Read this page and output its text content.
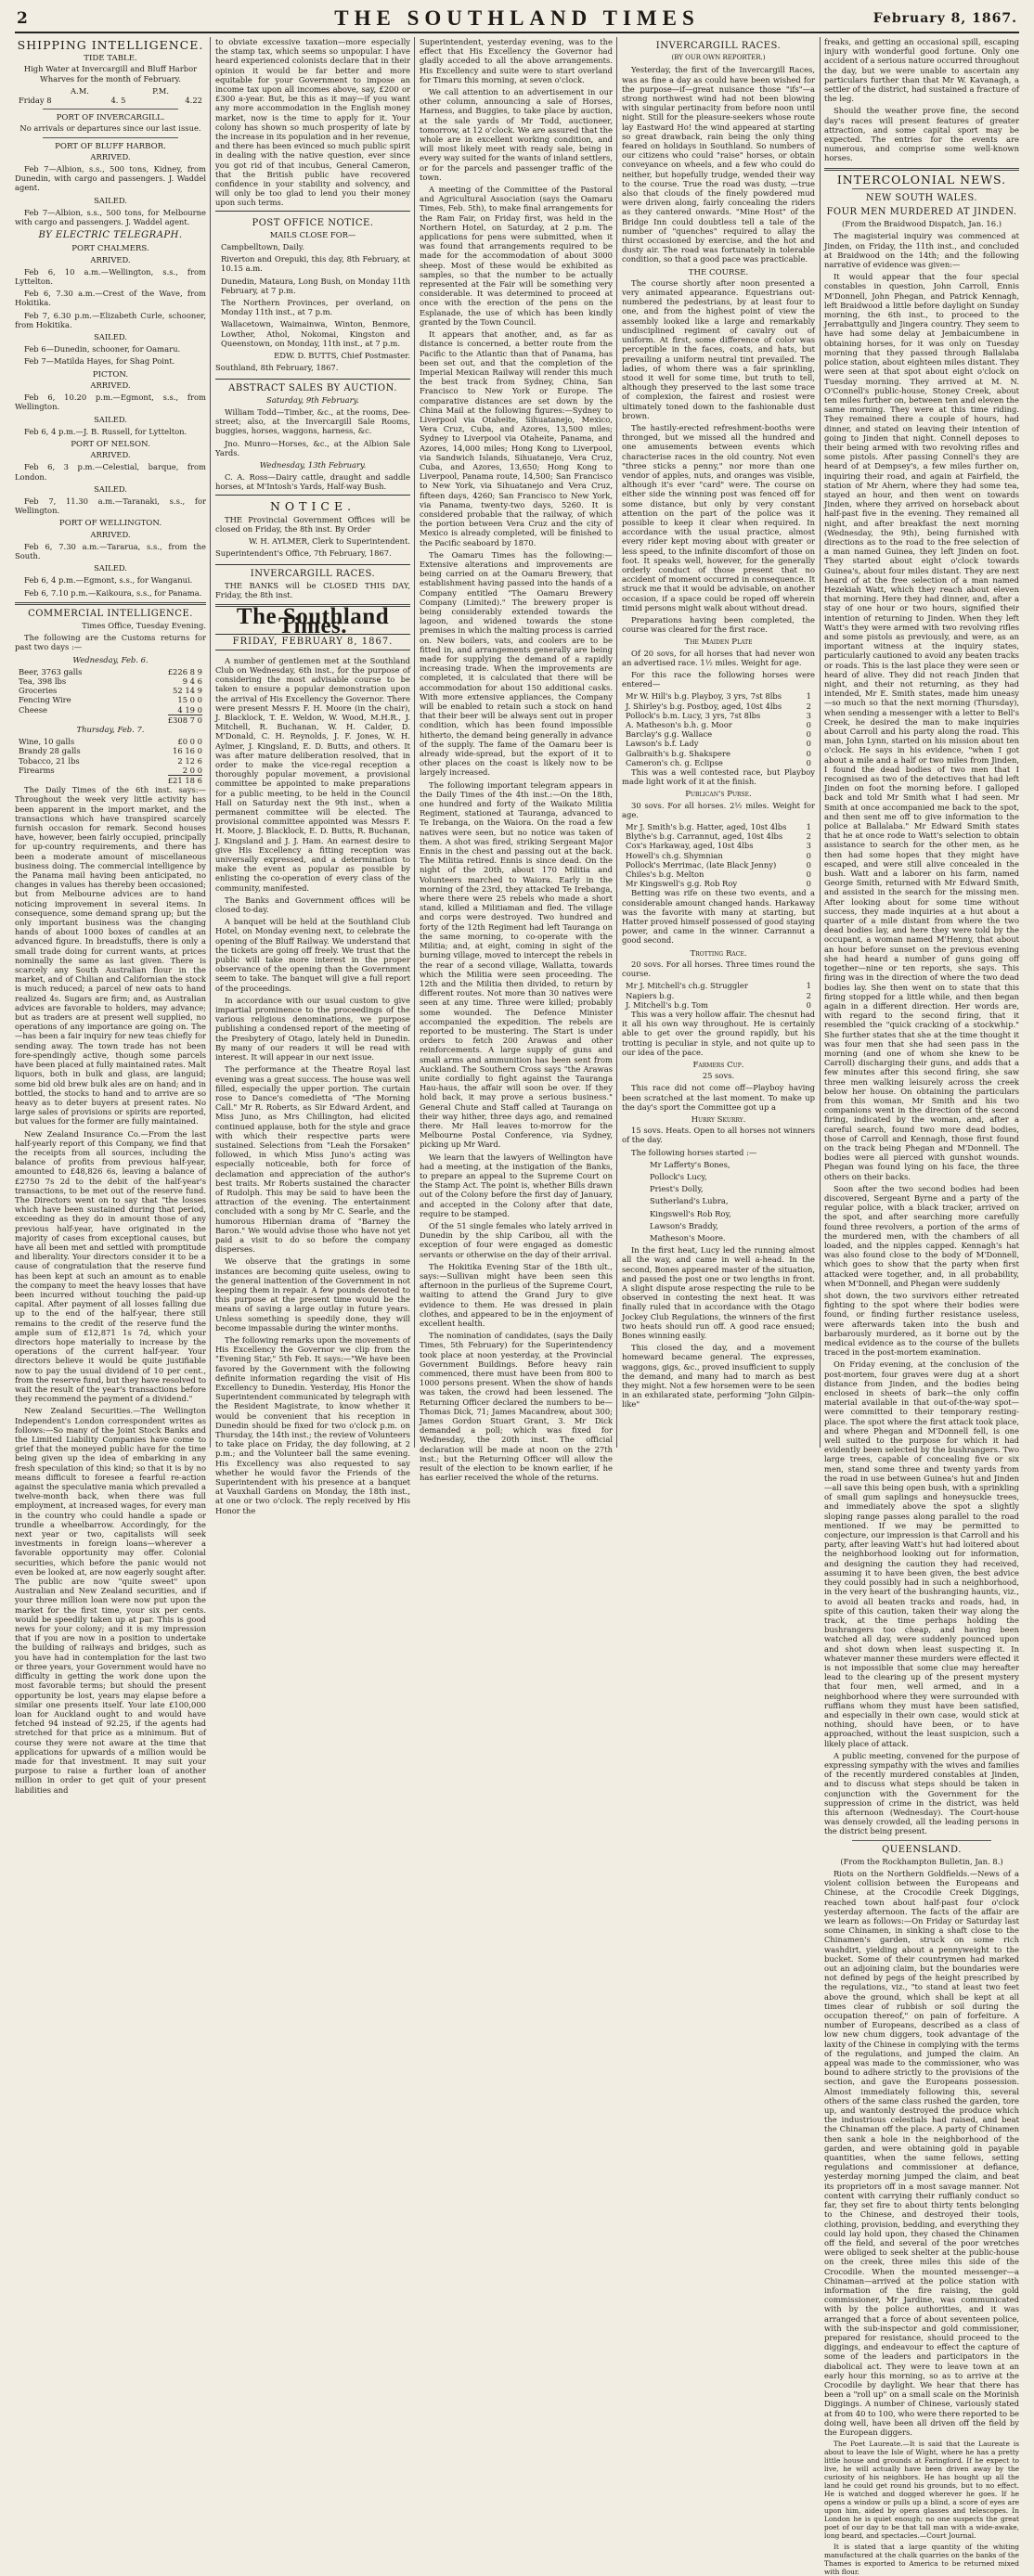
2	THE SOUTHLAND TIMES	February 8, 1867.
SHIPPING INTELLIGENCE.
TIDE TABLE.

High Water at Invercargill and Bluff Harbor Wharves for the month of February.

A.M.	P.M.
Friday 8	4. 5	4.22
PORT OF INVERCARGILL.

No arrivals or departures since our last issue.

PORT OF BLUFF HARBOR.

ARRIVED.

Feb 7—Albion, s.s., 500 tons, Kidney, from Dunedin, with cargo and passengers. J. Waddel agent.

SAILED.

Feb 7—Albion, s.s., 500 tons, for Melbourne with cargo and passengers. J. Waddel agent.

BY ELECTRIC TELEGRAPH.
PORT CHALMERS.

ARRIVED.

Feb 6, 10 a.m.—Wellington, s.s., from Lyttelton.

Feb 6, 7.30 a.m.—Crest of the Wave, from Hokitika.

Feb 7, 6.30 p.m.—Elizabeth Curle, schooner, from Hokitika.

SAILED.

Feb 6—Dunedin, schooner, for Oamaru.

Feb 7—Matilda Hayes, for Shag Point.

PICTON.

ARRIVED.

Feb 6, 10.20 p.m.—Egmont, s.s., from Wellington.

SAILED.

Feb 6, 4 p.m.—J. B. Russell, for Lyttelton.

PORT OF NELSON.

ARRIVED.

Feb 6, 3 p.m.—Celestial, barque, from London.

SAILED.

Feb 7, 11.30 a.m.—Taranaki, s.s., for Wellington.

PORT OF WELLINGTON.

ARRIVED.

Feb 6, 7.30 a.m.—Tararua, s.s., from the South.

SAILED.

Feb 6, 4 p.m.—Egmont, s.s., for Wanganui.

Feb 6, 7.10 p.m.—Kaikoura, s.s., for Panama.

COMMERCIAL INTELLIGENCE.

Times Office, Tuesday Evening.

The following are the Customs returns for past two days :—

Wednesday, Feb. 6.

Beer, 3763 galls	£226 8 9
Tea, 398 lbs	9 4 6
Groceries	52 14 9
Fencing Wire	15 0 0
Cheese	4 19 0
£308 7 0

Thursday, Feb. 7.

Wine, 10 galls	£0 0 0
Brandy 28 galls	16 16 0
Tobacco, 21 lbs	2 12 6
Firearms	2 0 0
£21 18 6

The Daily Times of the 6th inst. says:—Throughout the week very little activity has been apparent in the import market, and the transactions which have transpired scarcely furnish occasion for remark. Second houses have, however, been fairly occupied, principally for up-country requirements, and there has been a moderate amount of miscellaneous business doing. The commercial intelligence by the Panama mail having been anticipated, no changes in values has thereby been occasioned; but from Melbourne advices are to hand noticing improvement in several items. In consequence, some demand sprang up; but the only important business was the changing hands of about 1000 boxes of candles at an advanced figure. In breadstuffs, there is only a small trade doing for current wants, at prices nominally the same as last given. There is scarcely any South Australian flour in the market, and of Chilian and Californian the stock is much reduced; a parcel of new oats to hand realized 4s. Sugars are firm; and, as Australian advices are favorable to holders, may advance; but as traders are at present well supplied, no operations of any importance are going on. The—has been a fair inquiry for new teas chiefly for sending away. The town trade has not been fore-spendingly active, though some parcels have been placed at fully maintained rates. Malt liquors, both in bulk and glass, are languid; some bid old brew bulk ales are on hand; and in bottled, the stocks to hand and to arrive are so heavy as to deter buyers at present rates. No large sales of provisions or spirits are reported, but values for the former are fully maintained.

New Zealand Insurance Co.—From the last half-yearly report of this Company, we find that the receipts from all sources, including the balance of profits from previous half-year, amounted to £48,826 6s, leaving a balance of £2750 7s 2d to the debit of the half-year's transactions, to be met out of the reserve fund. The Directors went on to say that "the losses which have been sustained during that period, exceeding as they do in amount those of any previous half-year, have originated in the majority of cases from exceptional causes, but have all been met and settled with promptitude and liberality. Your directors consider it to be a cause of congratulation that the reserve fund has been kept at such an amount as to enable the company to meet the heavy losses that have been incurred without touching the paid-up capital. After payment of all losses falling due up to the end of the half-year, there still remains to the credit of the reserve fund the ample sum of £12,871 1s 7d, which your directors hope materially to increase by the operations of the current half-year. Your directors believe it would be quite justifiable now to pay the usual dividend of 10 per cent., from the reserve fund, but they have resolved to wait the result of the year's transactions before they recommend the payment of a dividend."

New Zealand Securities.—The Wellington Independent's London correspondent writes as follows:—So many of the Joint Stock Banks and the Limited Liability Companies have come to grief that the moneyed public have for the time being given up the idea of embarking in any fresh speculation of this kind; so that it is by no means difficult to foresee a fearful re-action against the speculative mania which prevailed a twelve-month back, when there was full employment, at increased wages, for every man in the country who could handle a spade or trundle a wheelbarrow. Accordingly, for the next year or two, capitalists will seek investments in foreign loans—wherever a favorable opportunity may offer. Colonial securities, which before the panic would not even be looked at, are now eagerly sought after. The public are now "quite sweet" upon Australian and New Zealand securities, and if your three million loan were now put upon the market for the first time, your six per cents. would be speedily taken up at par. This is good news for your colony; and it is my impression that if you are now in a position to undertake the building of railways and bridges, such as you have had in contemplation for the last two or three years, your Government would have no difficulty in getting the work done upon the most favorable terms; but should the present opportunity be lost, years may elapse before a similar one presents itself. Your late £100,000 loan for Auckland ought to and would have fetched 94 instead of 92.25, if the agents had stretched for that price as a minimum. But of course they were not aware at the time that applications for upwards of a million would be made for that investment. It may suit your purpose to raise a further loan of another million in order to get quit of your present liabilities and

to obviate excessive taxation—more especially the stamp tax, which seems so unpopular. I have heard experienced colonists declare that in their opinion it would be far better and more equitable for your Government to impose an income tax upon all incomes above, say, £200 or £300 a-year. But, be this as it may—if you want any more accommodation in the English money market, now is the time to apply for it. Your colony has shown so much prosperity of late by the increase in its population and in her revenue, and there has been evinced so much public spirit in dealing with the native question, ever since you got rid of that incubus, General Cameron, that the British public have recovered confidence in your stability and solvency, and will only be too glad to lend you their money upon such terms.

POST OFFICE NOTICE.

MAILS CLOSE FOR—

Campbelltown, Daily.

Riverton and Orepuki, this day, 8th February, at 10.15 a.m.

Dunedin, Mataura, Long Bush, on Monday 11th February, at 7 p.m.

The Northern Provinces, per overland, on Monday 11th inst., at 7 p.m.

Wallacetown, Waimainwa, Winton, Benmore, Lowther, Athol, Nokomai, Kingston and Queenstown, on Monday, 11th inst., at 7 p.m.

EDW. D. BUTTS, Chief Postmaster.

Southland, 8th February, 1867.

ABSTRACT SALES BY AUCTION.

Saturday, 9th February.

William Todd—Timber, &c., at the rooms, Dee-street; also, at the Invercargill Sale Rooms, buggies, horses, waggons, harness, &c.

Jno. Munro—Horses, &c., at the Albion Sale Yards.

Wednesday, 13th February.

C. A. Ross—Dairy cattle, draught and saddle horses, at M'Intosh's Yards, Half-way Bush.

NOTICE.

THE Provincial Government Offices will be closed on Friday, the 8th inst. By Order

W. H. AYLMER, Clerk to Superintendent.

Superintendent's Office, 7th February, 1867.

INVERCARGILL RACES.

THE BANKS will be CLOSED THIS DAY, Friday, the 8th inst.

The Southland Times.
FRIDAY, FEBRUARY 8, 1867.

A number of gentlemen met at the Southland Club on Wednesday, 6th inst., for the purpose of considering the most advisable course to be taken to ensure a popular demonstration upon the arrival of His Excellency the Governor. There were present Messrs F. H. Moore (in the chair), J. Blacklock, T. E. Weldon, W. Wood, M.H.R., J. Mitchell, R. Buchanan, W. H. Calder, D. M'Donald, C. H. Reynolds, J. F. Jones, W. H. Aylmer, J. Kingsland, E. D. Butts, and others. It was after mature deliberation resolved, that in order to make the vice-regal reception a thoroughly popular movement, a provisional committee be appointed to make preparations for a public meeting, to be held in the Council Hall on Saturday next the 9th inst., when a permanent committee will be elected. The provisional committee appointed was Messrs F. H. Moore, J. Blacklock, E. D. Butts, R. Buchanan, J. Kingsland and J. J. Ham. An earnest desire to give His Excellency a fitting reception was universally expressed, and a determination to make the event as popular as possible by enlisting the co-operation of every class of the community, manifested.

The Banks and Government offices will be closed to-day.

A banquet will be held at the Southland Club Hotel, on Monday evening next, to celebrate the opening of the Bluff Railway. We understand that the tickets are going off freely. We trust that the public will take more interest in the proper observance of the opening than the Government seem to take. The banquet will give a full report of the proceedings.

In accordance with our usual custom to give impartial prominence to the proceedings of the various religious denominations, we purpose publishing a condensed report of the meeting of the Presbytery of Otago, lately held in Dunedin. By many of our readers it will be read with interest. It will appear in our next issue.

The performance at the Theatre Royal last evening was a great success. The house was well filled, especially the upper portion. The curtain rose to Dance's comedietta of "The Morning Call." Mr R. Roberts, as Sir Edward Ardent, and Miss Juno, as Mrs Chillington, had elicited continued applause, both for the style and grace with which their respective parts were sustained. Selections from "Leah the Forsaken" followed, in which Miss Juno's acting was especially noticeable, both for force of declamation and appreciation of the author's best traits. Mr Roberts sustained the character of Rudolph. This may be said to have been the attraction of the evening. The entertainment concluded with a song by Mr C. Searle, and the humorous Hibernian drama of "Barney the Baron." We would advise those who have not yet paid a visit to do so before the company disperses.

We observe that the gratings in some instances are becoming quite useless, owing to the general inattention of the Government in not keeping them in repair. A few pounds devoted to this purpose at the present time would be the means of saving a large outlay in future years. Unless something is speedily done, they will become impassable during the winter months.

The following remarks upon the movements of His Excellency the Governor we clip from the "Evening Star," 5th Feb. It says:—"We have been favored by the Government with the following definite information regarding the visit of His Excellency to Dunedin. Yesterday, His Honor the Superintendent communicated by telegraph with the Resident Magistrate, to know whether it would be convenient that his reception in Dunedin should be fixed for two o'clock p.m. on Thursday, the 14th inst.; the review of Volunteers to take place on Friday, the day following, at 2 p.m.; and the Volunteer ball the same evening. His Excellency was also requested to say whether he would favor the Friends of the Superintendent with his presence at a banquet at Vauxhall Gardens on Monday, the 18th inst., at one or two o'clock. The reply received by His Honor the

Superintendent, yesterday evening, was to the effect that His Excellency the Governor had gladly acceded to all the above arrangements. His Excellency and suite were to start overland for Timaru this morning, at seven o'clock.

We call attention to an advertisement in our other column, announcing a sale of Horses, Harness, and Buggies, to take place by auction, at the sale yards of Mr Todd, auctioneer, tomorrow, at 12 o'clock. We are assured that the whole are in excellent working condition, and will most likely meet with ready sale, being in every way suited for the wants of inland settlers, or for the parcels and passenger traffic of the town.

A meeting of the Committee of the Pastoral and Agricultural Association (says the Oamaru Times, Feb. 5th), to make final arrangements for the Ram Fair, on Friday first, was held in the Northern Hotel, on Saturday, at 2 p.m. The applications for pens were submitted, when it was found that arrangements required to be made for the accommodation of about 3000 sheep. Most of these would be exhibited as samples, so that the number to be actually represented at the Fair will be something very considerable. It was determined to proceed at once with the erection of the pens on the Esplanade, the use of which has been kindly granted by the Town Council.

It appears that another, and, as far as distance is concerned, a better route from the Pacific to the Atlantic than that of Panama, has been set out, and that the completion of the Imperial Mexican Railway will render this much the best track from Sydney, China, San Francisco to New York or Europe. The comparative distances are set down by the China Mail at the following figures:—Sydney to Liverpool via Otaheite, Sihuatanejo, Mexico, Vera Cruz, Cuba, and Azores, 13,500 miles; Sydney to Liverpool via Otaheite, Panama, and Azores, 14,000 miles; Hong Kong to Liverpool, via Sandwich Islands, Sihuatanejo, Vera Cruz, Cuba, and Azores, 13,650; Hong Kong to Liverpool, Panama route, 14,500; San Francisco to New York, via Sihuatanejo and Vera Cruz, fifteen days, 4260; San Francisco to New York, via Panama, twenty-two days, 5260. It is considered probable that the railway, of which the portion between Vera Cruz and the city of Mexico is already completed, will be finished to the Pacific seaboard by 1870.

The Oamaru Times has the following:—Extensive alterations and improvements are being carried on at the Oamaru Brewery, that establishment having passed into the hands of a Company entitled "The Oamaru Brewery Company (Limited)." The brewery proper is being considerably extended towards the lagoon, and widened towards the stone premises in which the malting process is carried on. New boilers, vats, and coolers are to be fitted in, and arrangements generally are being made for supplying the demand of a rapidly increasing trade. When the improvements are completed, it is calculated that there will be accommodation for about 150 additional casks. With more extensive appliances, the Company will be enabled to retain such a stock on hand that their beer will be always sent out in proper condition, which has been found impossible hitherto, the demand being generally in advance of the supply. The fame of the Oamaru beer is already wide-spread, but the export of it to other places on the coast is likely now to be largely increased.

The following important telegram appears in the Daily Times of the 4th inst.:—On the 18th, one hundred and forty of the Waikato Militia Regiment, stationed at Tauranga, advanced to Te Irebanga, on the Waiora. On the road a few natives were seen, but no notice was taken of them. A shot was fired, striking Sergeant Major Ennis in the chest and passing out at the back. The Militia retired. Ennis is since dead. On the night of the 20th, about 170 Militia and Volunteers marched to Waiora. Early in the morning of the 23rd, they attacked Te Irebanga, where there were 25 rebels who made a short stand, killed a Militiaman and fled. The village and corps were destroyed. Two hundred and forty of the 12th Regiment had left Tauranga on the same morning, to co-operate with the Militia; and, at eight, coming in sight of the burning village, moved to intercept the rebels in the rear of a second village, Wallatta, towards which the Militia were seen proceeding. The 12th and the Militia then divided, to return by different routes. Not more than 30 natives were seen at any time. Three were killed; probably some wounded. The Defence Minister accompanied the expedition. The rebels are reported to be mustering. The Start is under orders to fetch 200 Arawas and other reinforcements. A large supply of guns and small arms and ammunition has been sent from Auckland. The Southern Cross says "the Arawas unite cordially to fight against the Tauranga Hau-haus, the affair will soon be over. If they hold back, it may prove a serious business." General Chute and Staff called at Tauranga on their way hither, three days ago, and remained there. Mr Hall leaves to-morrow for the Melbourne Postal Conference, via Sydney, picking up Mr Ward.

We learn that the lawyers of Wellington have had a meeting, at the instigation of the Banks, to prepare an appeal to the Supreme Court on the Stamp Act. The point is, whether Bills drawn out of the Colony before the first day of January, and accepted in the Colony after that date, require to be stamped.

Of the 51 single females who lately arrived in Dunedin by the ship Caribou, all with the exception of four were engaged as domestic servants or otherwise on the day of their arrival.

The Hokitika Evening Star of the 18th ult., says:—Sullivan might have been seen this afternoon in the purlieus of the Supreme Court, waiting to attend the Grand Jury to give evidence to them. He was dressed in plain clothes, and appeared to be in the enjoyment of excellent health.

The nomination of candidates, (says the Daily Times, 5th February) for the Superintendency took place at noon yesterday, at the Provincial Government Buildings. Before heavy rain commenced, there must have been from 800 to 1000 persons present. When the show of hands was taken, the crowd had been lessened. The Returning Officer declared the numbers to be—Thomas Dick, 71; James Macandrew, about 300; James Gordon Stuart Grant, 3. Mr Dick demanded a poll; which was fixed for Wednesday, the 20th inst. The official declaration will be made at noon on the 27th inst.; but the Returning Officer will allow the result of the election to be known earlier, if he has earlier received the whole of the returns.

INVERCARGILL RACES.

(BY OUR OWN REPORTER.)

Yesterday, the first of the Invercargill Races, was as fine a day as could have been wished for the purpose—if—great nuisance those "ifs"—a strong northwest wind had not been blowing with singular pertinacity from before noon until night. Still for the pleasure-seekers whose route lay Eastward Ho! the wind appeared at starting so great drawback, rain being the only thing feared on holidays in Southland. So numbers of our citizens who could "raise" horses, or obtain conveyance on wheels, and a few who could do neither, but hopefully trudge, wended their way to the course. True the road was dusty, —true also that clouds of the finely powdered mud were driven along, fairly concealing the riders as they cantered onwards. "Mine Host" of the Bridge Inn could doubtless tell a tale of the number of "quenches" required to allay the thirst occasioned by exercise, and the hot and dusty air. The road was fortunately in tolerable condition, so that a good pace was practicable.

THE COURSE.

The course shortly after noon presented a very animated appearance. Equestrians out-numbered the pedestrians, by at least four to one, and from the highest point of view the assembly looked like a large and remarkably undisciplined regiment of cavalry out of uniform. At first, some difference of color was perceptible in the faces, coats, and hats, but prevailing a uniform neutral tint prevailed. The ladies, of whom there was a fair sprinkling, stood it well for some time, but truth to tell, although they preserved to the last some trace of complexion, the fairest and rosiest were ultimately toned down to the fashionable dust brown.

The hastily-erected refreshment-booths were thronged, but we missed all the hundred and one amusements between events which characterise races in the old country. Not even "three sticks a penny," nor more than one vendor of apples, nuts, and oranges was visible, although it's ever "card" were. The course on either side the winning post was fenced off for some distance, but only by very constant attention on the part of the police was it possible to keep it clear when required. In accordance with the usual practice, almost every rider kept moving about with greater or less speed, to the infinite discomfort of those on foot. It speaks well, however, for the generally orderly conduct of those present that no accident of moment occurred in consequence. It struck me that it would be advisable, on another occasion, if a space could be roped off wherein timid persons might walk about without dread.

Preparations having been completed, the course was cleared for the first race.

The Maiden Plate

Of 20 sovs, for all horses that had never won an advertised race. 1½ miles. Weight for age.

For this race the following horses were entered—

Mr W. Hill's b.g. Playboy, 3 yrs, 7st 8lbs	1
J. Shirley's b.g. Postboy, aged, 10st 4lbs	2
Pollock's b.m. Lucy, 3 yrs, 7st 8lbs	3
A. Matheson's b.h. g. Moor	0
Barclay's g.g. Wallace	0
Lawson's b.f. Lady	0
Galbraith's b.g. Shakspere	0
Cameron's ch. g. Eclipse	0

This was a well contested race, but Playboy made light work of it at the finish.

Publican's Purse.

30 sovs. For all horses. 2½ miles. Weight for age.

Mr J. Smith's b.g. Hatter, aged, 10st 4lbs	1
Blythe's b.g. Carrannut, aged, 10st 4lbs	2
Cox's Harkaway, aged, 10st 4lbs	3
Howell's ch.g. Shymnian	0
Pollock's Merrimac, (late Black Jenny)	0
Chiles's b.g. Melton	0
Mr Kingswell's g.g. Rob Roy	0

Betting was rife on these two events, and a considerable amount changed hands. Harkaway was the favorite with many at starting, but Hatter proved himself possessed of good staying power, and came in the winner. Carrannut a good second.

Trotting Race.

20 sovs. For all horses. Three times round the course.

Mr J. Mitchell's ch.g. Struggler	1
Napiers b.g.	2
J. Mitchell's b.g. Tom	0

This was a very hollow affair. The chesnut had it all his own way throughout. He is certainly able to get over the ground rapidly, but his trotting is peculiar in style, and not quite up to our idea of the pace.

Farmers Cup.

25 sovs.

This race did not come off—Playboy having been scratched at the last moment. To make up the day's sport the Committee got up a

Hurry Skurry.

15 sovs. Heats. Open to all horses not winners of the day.

The following horses started :—

Mr Lafferty's Bones,

Pollock's Lucy,

Priest's Dolly,

Sutherland's Lubra,

Kingswell's Rob Roy,

Lawson's Braddy,

Matheson's Moore.

In the first heat, Lucy led the running almost all the way, and came in well a-head. In the second, Bones appeared master of the situation, and passed the post one or two lengths in front. A slight dispute arose respecting the rule to be observed in contesting the next heat. It was finally ruled that in accordance with the Otago Jockey Club Regulations, the winners of the first two heats should run off. A good race ensued; Bones winning easily.

This closed the day, and a movement homeward became general. The expresses, waggons, gigs, &c., proved insufficient to supply the demand, and many had to march as best they might. Not a few horsemen were to be seen in an exhilarated state, performing "John Gilpin-like"

freaks, and getting an occasional spill, escaping injury with wonderful good fortune. Only one accident of a serious nature occurred throughout the day, but we were unable to ascertain any particulars further than that Mr W. Kavanagh, a settler of the district, had sustained a fracture of the leg.

Should the weather prove fine, the second day's races will present features of greater attraction, and some capital sport may be expected. The entries for the events are numerous, and comprise some well-known horses.

INTERCOLONIAL NEWS.
NEW SOUTH WALES.
FOUR MEN MURDERED AT JINDEN.

(From the Braidwood Dispatch, Jan. 16.)

The magisterial inquiry was commenced at Jinden, on Friday, the 11th inst., and concluded at Braidwood on the 14th; and the following narrative of evidence was given:—

It would appear that the four special constables in question, John Carroll, Ennis M'Donnell, John Phegan, and Patrick Kennagh, left Braidwood a little before daylight on Sunday morning, the 6th inst., to proceed to the Jerrabattgully and Jingera country. They seem to have had some delay at Jembaicumbene in obtaining horses, for it was only on Tuesday morning that they passed through Ballalaba police station, about eighteen miles distant. They were seen at that spot about eight o'clock on Tuesday morning. They arrived at M. N. O'Connell's public-house, Stoney Creek, about ten miles further on, between ten and eleven the same morning. They were at this time riding. They remained there a couple of hours, had dinner, and stated on leaving their intention of going to Jinden that night. Connell deposes to their being armed with two revolving rifles and some pistols. After passing Connell's they are heard of at Dempsey's, a few miles further on, inquiring their road, and again at Fairfield, the station of Mr Ahern, where they had some tea, stayed an hour, and then went on towards Jinden, where they arrived on horseback about half-past five in the evening. They remained all night, and after breakfast the next morning (Wednesday, the 9th), being furnished with directions as to the road to the free selection of a man named Guinea, they left Jinden on foot. They started about eight o'clock towards Guinea's, about four miles distant. They are next heard of at the free selection of a man named Hezekiah Watt, which they reach about eleven that morning. Here they had dinner, and, after a stay of one hour or two hours, signified their intention of returning to Jinden. When they left Watt's they were armed with two revolving rifles and some pistols as previously, and were, as an important witness at the inquiry states, particularly cautioned to avoid any beaten tracks or roads. This is the last place they were seen or heard of alive. They did not reach Jinden that night, and their not returning, as they had intended, Mr E. Smith states, made him uneasy—so much so that the next morning (Thursday), when sending a messenger with a letter to Bell's Creek, he desired the man to make inquiries about Carroll and his party along the road. This man, John Lynn, started on his mission about ten o'clock. He says in his evidence, "when I got about a mile and a half or two miles from Jinden, I found the dead bodies of two men that I recognised as two of the detectives that had left Jinden on foot the morning before. I galloped back and told Mr Smith what I had seen. Mr Smith at once accompanied me back to the spot, and then sent me off to give information to the police at Ballalaba." Mr Edward Smith states that he at once rode to Watt's selection to obtain assistance to search for the other men, as he then had some hopes that they might have escaped, and were still alive concealed in the bush. Watt and a laborer on his farm, named George Smith, returned with Mr Edward Smith, and assisted in the search for the missing men. After looking about for some time without success, they made inquiries at a hut about a quarter of a mile distant from where the two dead bodies lay, and here they were told by the occupant, a woman named M'Henny, that about an hour before sunset on the previous evening she had heard a number of guns going off together—nine or ten reports, she says. This firing was in the direction of where the two dead bodies lay. She then went on to state that this firing stopped for a little while, and then began again in a different direction. Her words are, with regard to the second firing, that it resembled the "quick cracking of a stockwhip." She further states that she at the time thought it was four men that she had seen pass in the morning (and one of whom she knew to be Carroll) discharging their guns, and adds that a few minutes after this second firing, she saw three men walking leisurely across the creek below her house. On obtaining the particulars from this woman, Mr Smith and his two companions went in the direction of the second firing, indicated by the woman, and, after a careful search, found two more dead bodies, those of Carroll and Kennagh, those first found on the track being Phegan and M'Donnell. The bodies were all pierced with gunshot wounds. Phegan was found lying on his face, the three others on their backs.

Soon after the two second bodies had been discovered, Sergeant Byrne and a party of the regular police, with a black tracker, arrived on the spot, and after searching more carefully found three revolvers, a portion of the arms of the murdered men, with the chambers of all loaded, and the nipples capped. Kennagh's hat was also found close to the body of M'Donnell, which goes to show that the party when first attacked were together, and, in all probability, when M'Donnell, and Phegan were suddenly

shot down, the two survivors either retreated fighting to the spot where their bodies were found, or finding further resistance useless, were afterwards taken into the bush and barbarously murdered, as it borne out by the medical evidence as to the course of the bullets traced in the post-mortem examination.

On Friday evening, at the conclusion of the post-mortem, four graves were dug at a short distance from Jinden, and the bodies being enclosed in sheets of bark—the only coffin material available in that out-of-the-way spot—were committed to their temporary resting-place. The spot where the first attack took place, and where Phegan and M'Donnell fell, is one well suited to the purpose for which it had evidently been selected by the bushrangers. Two large trees, capable of concealing five or six men, stand some three and twenty yards from the road in use between Guinea's hut and Jinden—all save this being open bush, with a sprinkling of small gum saplings and honeysuckle trees, and immediately above the spot a slightly sloping range passes along parallel to the road mentioned. If we may be permitted to conjecture, our impression is that Carroll and his party, after leaving Watt's hut had loitered about the neighborhood looking out for information, and designing the caution they had received, assuming it to have been given, the best advice they could possibly had in such a neighborhood, in the very heart of the bushranging haunts, viz., to avoid all beaten tracks and roads, had, in spite of this caution, taken their way along the track, at the time perhaps holding the bushrangers too cheap, and having been watched all day, were suddenly pounced upon and shot down when least suspecting it. In whatever manner these murders were effected it is not impossible that some clue may hereafter lead to the clearing up of the present mystery that four men, well armed, and in a neighborhood where they were surrounded with ruffians whom they must have been satisfied, and especially in their own case, would stick at nothing, should have been, or to have approached, without the least suspicion, such a likely place of attack.

A public meeting, convened for the purpose of expressing sympathy with the wives and families of the recently murdered constables at Jinden, and to discuss what steps should be taken in conjunction with the Government for the suppression of crime in the district, was held this afternoon (Wednesday). The Court-house was densely crowded, all the leading persons in the district being present.

QUEENSLAND.

(From the Rockhampton Bulletin, Jan. 8.)

Riots on the Northern Goldfields.—News of a violent collision between the Europeans and Chinese, at the Crocodile Creek Diggings, reached town about half-past four o'clock yesterday afternoon. The facts of the affair are we learn as follows:—On Friday or Saturday last some Chinamen, in sinking a shaft close to the Chinamen's garden, struck on some rich washdirt, yielding about a pennyweight to the bucket. Some of their countrymen had marked out an adjoining claim, but the boundaries were not defined by pegs of the height prescribed by the regulations, viz., "to stand at least two feet above the ground, which shall be kept at all times clear of rubbish or soil during the occupation thereof," on pain of forfeiture. A number of Europeans, described as a class of low new chum diggers, took advantage of the laxity of the Chinese in complying with the terms of the regulations, and jumped the claim. An appeal was made to the commissioner, who was bound to adhere strictly to the provisions of the section, and gave the Europeans possession. Almost immediately following this, several others of the same class rushed the garden, tore up, and wantonly destroyed the produce which the industrious celestials had raised, and beat the Chinaman off the place. A party of Chinamen then sank a hole in the neighborhood of the garden, and were obtaining gold in payable quantities, when the same fellows, setting regulations and commissioner at defiance, yesterday morning jumped the claim, and beat its proprietors off in a most savage manner. Not content with carrying their ruffianly conduct so far, they set fire to about thirty tents belonging to the Chinese, and destroyed their tools, clothing, provision, bedding, and everything they could lay hold upon, they chased the Chinamen off the field, and several of the poor wretches were obliged to seek shelter at the public-house on the creek, three miles this side of the Crocodile. When the mounted messenger—a Chinaman—arrived at the police station with information of the fire raising, the gold commissioner, Mr Jardine, was communicated with by the police authorities, and it was arranged that a force of about seventeen police, with the sub-inspector and gold commissioner, prepared for resistance, should proceed to the diggings, and endeavour to effect the capture of some of the leaders and participators in the diabolical act. They were to leave town at an early hour this morning, so as to arrive at the Crocodile by daylight. We hear that there has been a "roll up" on a small scale on the Morinish Diggings. A number of Chinese, variously stated at from 40 to 100, who were there reported to be doing well, have been all driven off the field by the European diggers.

The Poet Laureate.—It is said that the Laureate is about to leave the Isle of Wight, where he has a pretty little house and grounds at Faringford. If he expect to live, he will actually have been driven away by the curiosity of his neighbors. He has bought up all the land he could get round his grounds, but to no effect. He is watched and dogged wherever he goes. If he opens a window or pulls up a blind, a score of eyes are upon him, aided by opera glasses and telescopes. In London he is quiet enough; no one suspects the great poet of our day to be that tall man with a wide-awake, long beard, and spectacles.—Court Journal.

It is stated that a large quantity of the whiting manufactured at the chalk quarries on the banks of the Thames is exported to America to be returned mixed with flour.
